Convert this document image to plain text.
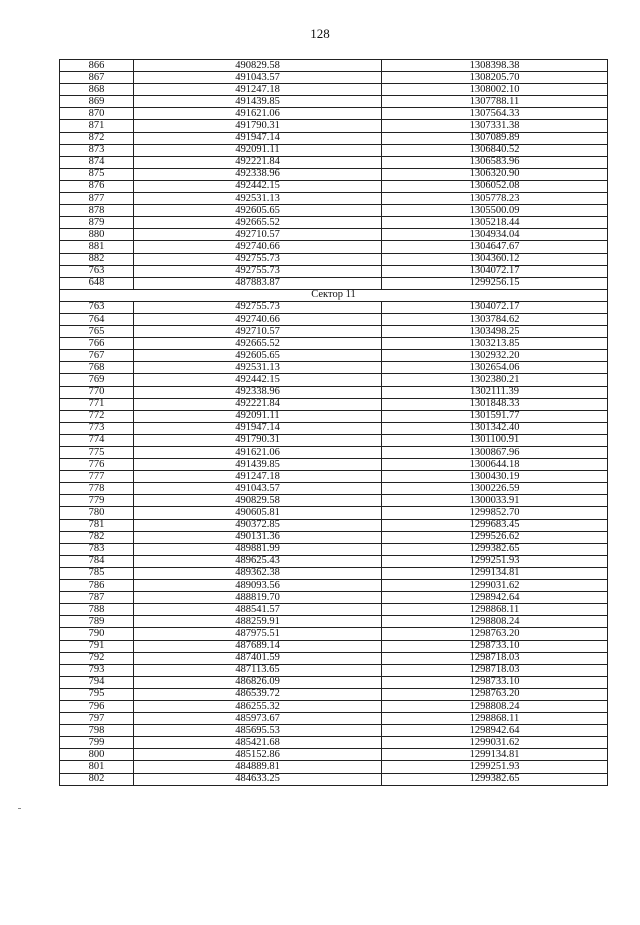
128
866	490829.58	1308398.38
867	491043.57	1308205.70
868	491247.18	1308002.10
869	491439.85	1307788.11
870	491621.06	1307564.33
871	491790.31	1307331.38
872	491947.14	1307089.89
873	492091.11	1306840.52
874	492221.84	1306583.96
875	492338.96	1306320.90
876	492442.15	1306052.08
877	492531.13	1305778.23
878	492605.65	1305500.09
879	492665.52	1305218.44
880	492710.57	1304934.04
881	492740.66	1304647.67
882	492755.73	1304360.12
763	492755.73	1304072.17
648	487883.87	1299256.15
Сектор 11		
763	492755.73	1304072.17
764	492740.66	1303784.62
765	492710.57	1303498.25
766	492665.52	1303213.85
767	492605.65	1302932.20
768	492531.13	1302654.06
769	492442.15	1302380.21
770	492338.96	1302111.39
771	492221.84	1301848.33
772	492091.11	1301591.77
773	491947.14	1301342.40
774	491790.31	1301100.91
775	491621.06	1300867.96
776	491439.85	1300644.18
777	491247.18	1300430.19
778	491043.57	1300226.59
779	490829.58	1300033.91
780	490605.81	1299852.70
781	490372.85	1299683.45
782	490131.36	1299526.62
783	489881.99	1299382.65
784	489625.43	1299251.93
785	489362.38	1299134.81
786	489093.56	1299031.62
787	488819.70	1298942.64
788	488541.57	1298868.11
789	488259.91	1298808.24
790	487975.51	1298763.20
791	487689.14	1298733.10
792	487401.59	1298718.03
793	487113.65	1298718.03
794	486826.09	1298733.10
795	486539.72	1298763.20
796	486255.32	1298808.24
797	485973.67	1298868.11
798	485695.53	1298942.64
799	485421.68	1299031.62
800	485152.86	1299134.81
801	484889.81	1299251.93
802	484633.25	1299382.65
